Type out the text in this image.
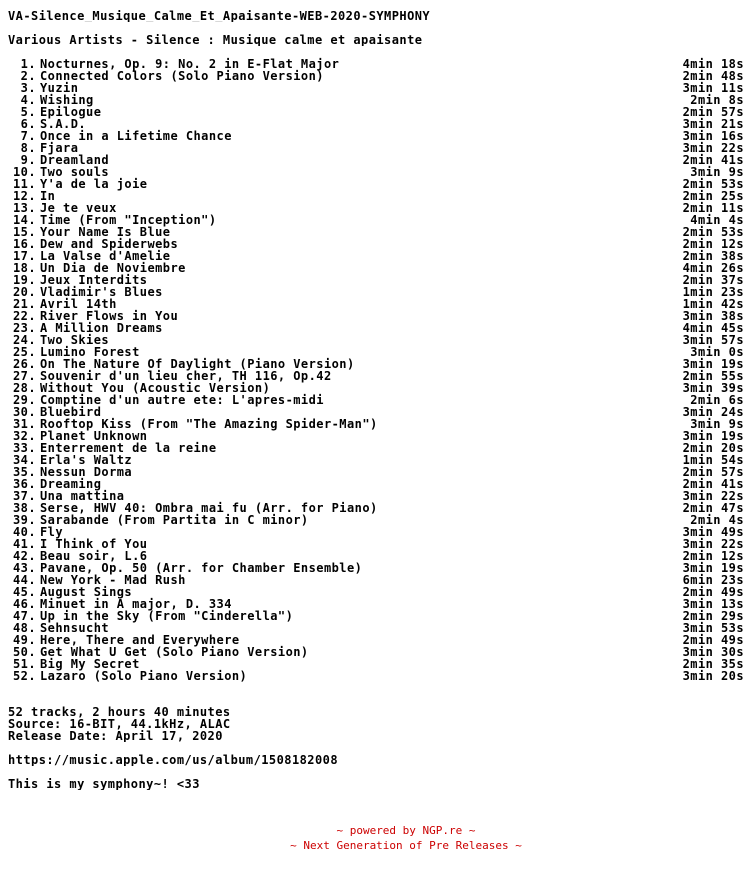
VA-Silence_Musique_Calme_Et_Apaisante-WEB-2020-SYMPHONY
Various Artists - Silence : Musique calme et apaisante
1. Nocturnes, Op. 9: No. 2 in E-Flat Major	4min 18s
2. Connected Colors (Solo Piano Version)	2min 48s
3. Yuzin	3min 11s
4. Wishing	2min 8s
5. Epilogue	2min 57s
6. S.A.D.	3min 21s
7. Once in a Lifetime Chance	3min 16s
8. Fjara	3min 22s
9. Dreamland	2min 41s
10. Two souls	3min 9s
11. Y'a de la joie	2min 53s
12. In	2min 25s
13. Je te veux	2min 11s
14. Time (From "Inception")	4min 4s
15. Your Name Is Blue	2min 53s
16. Dew and Spiderwebs	2min 12s
17. La Valse d'Amelie	2min 38s
18. Un Dia de Noviembre	4min 26s
19. Jeux Interdits	2min 37s
20. Vladimir's Blues	1min 23s
21. Avril 14th	1min 42s
22. River Flows in You	3min 38s
23. A Million Dreams	4min 45s
24. Two Skies	3min 57s
25. Lumino Forest	3min 0s
26. On The Nature Of Daylight (Piano Version)	3min 19s
27. Souvenir d'un lieu cher, TH 116, Op.42	2min 55s
28. Without You (Acoustic Version)	3min 39s
29. Comptine d'un autre ete: L'apres-midi	2min 6s
30. Bluebird	3min 24s
31. Rooftop Kiss (From "The Amazing Spider-Man")	3min 9s
32. Planet Unknown	3min 19s
33. Enterrement de la reine	2min 20s
34. Erla's Waltz	1min 54s
35. Nessun Dorma	2min 57s
36. Dreaming	2min 41s
37. Una mattina	3min 22s
38. Serse, HWV 40: Ombra mai fu (Arr. for Piano)	2min 47s
39. Sarabande (From Partita in C minor)	2min 4s
40. Fly	3min 49s
41. I Think of You	3min 22s
42. Beau soir, L.6	2min 12s
43. Pavane, Op. 50 (Arr. for Chamber Ensemble)	3min 19s
44. New York - Mad Rush	6min 23s
45. August Sings	2min 49s
46. Minuet in A major, D. 334	3min 13s
47. Up in the Sky (From "Cinderella")	2min 29s
48. Sehnsucht	3min 53s
49. Here, There and Everywhere	2min 49s
50. Get What U Get (Solo Piano Version)	3min 30s
51. Big My Secret	2min 35s
52. Lazaro (Solo Piano Version)	3min 20s
52 tracks, 2 hours 40 minutes
Source: 16-BIT, 44.1kHz, ALAC
Release Date: April 17, 2020
https://music.apple.com/us/album/1508182008
This is my symphony~! <33
~ powered by NGP.re ~
~ Next Generation of Pre Releases ~
